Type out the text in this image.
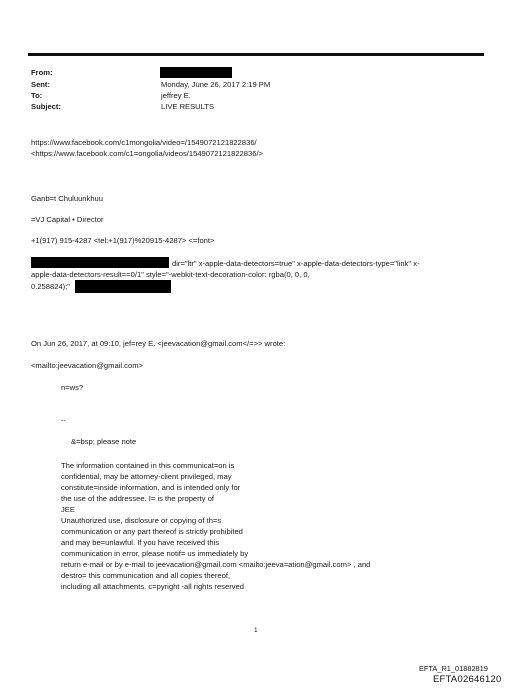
From:
Sent:
To:
Subject:
Monday, June 26, 2017 2:19 PM
jeffrey E.
LIVE RESULTS
https://www.facebook.com/c1mongolia/video=/1549072121822836/
<https://www.facebook.com/c1=ongolia/videos/1549072121822836/>
Ganb=t Chuluunkhuu
=VJ Capital • Director
+1(917) 915-4287 <tel:+1(917)%20915-4287> <=font>
dir="ltr" x-apple-data-detectors=true" x-apple-data-detectors-type="link" x-
apple-data-detectors-result==0/1" style="-webkit-text-decoration-color: rgba(0, 0, 0,
0.258824);"
On Jun 26, 2017, at 09:10, jef=rey E. <jeevacation@gmail.com</=>> wrote:
<mailto:jeevacation@gmail.com>
n=ws?
--
&=bsp; please note
The information contained in this communicat=on is
confidential, may be attorney-client privileged, may
constitute=inside information, and is intended only for
the use of the addressee. I= is the property of
JEE
Unauthorized use, disclosure or copying of th=s
communication or any part thereof is strictly prohibited
and may be=unlawful. If you have received this
communication in error, please notif= us immediately by
return e-mail or by e-mail to jeevacation@gmail.com <mailto:jeeva=ation@gmail.com> , and
destro= this communication and all copies thereof,
including all attachments. c=pyright -all rights reserved
1
EFTA_R1_01882819
EFTA02646120
